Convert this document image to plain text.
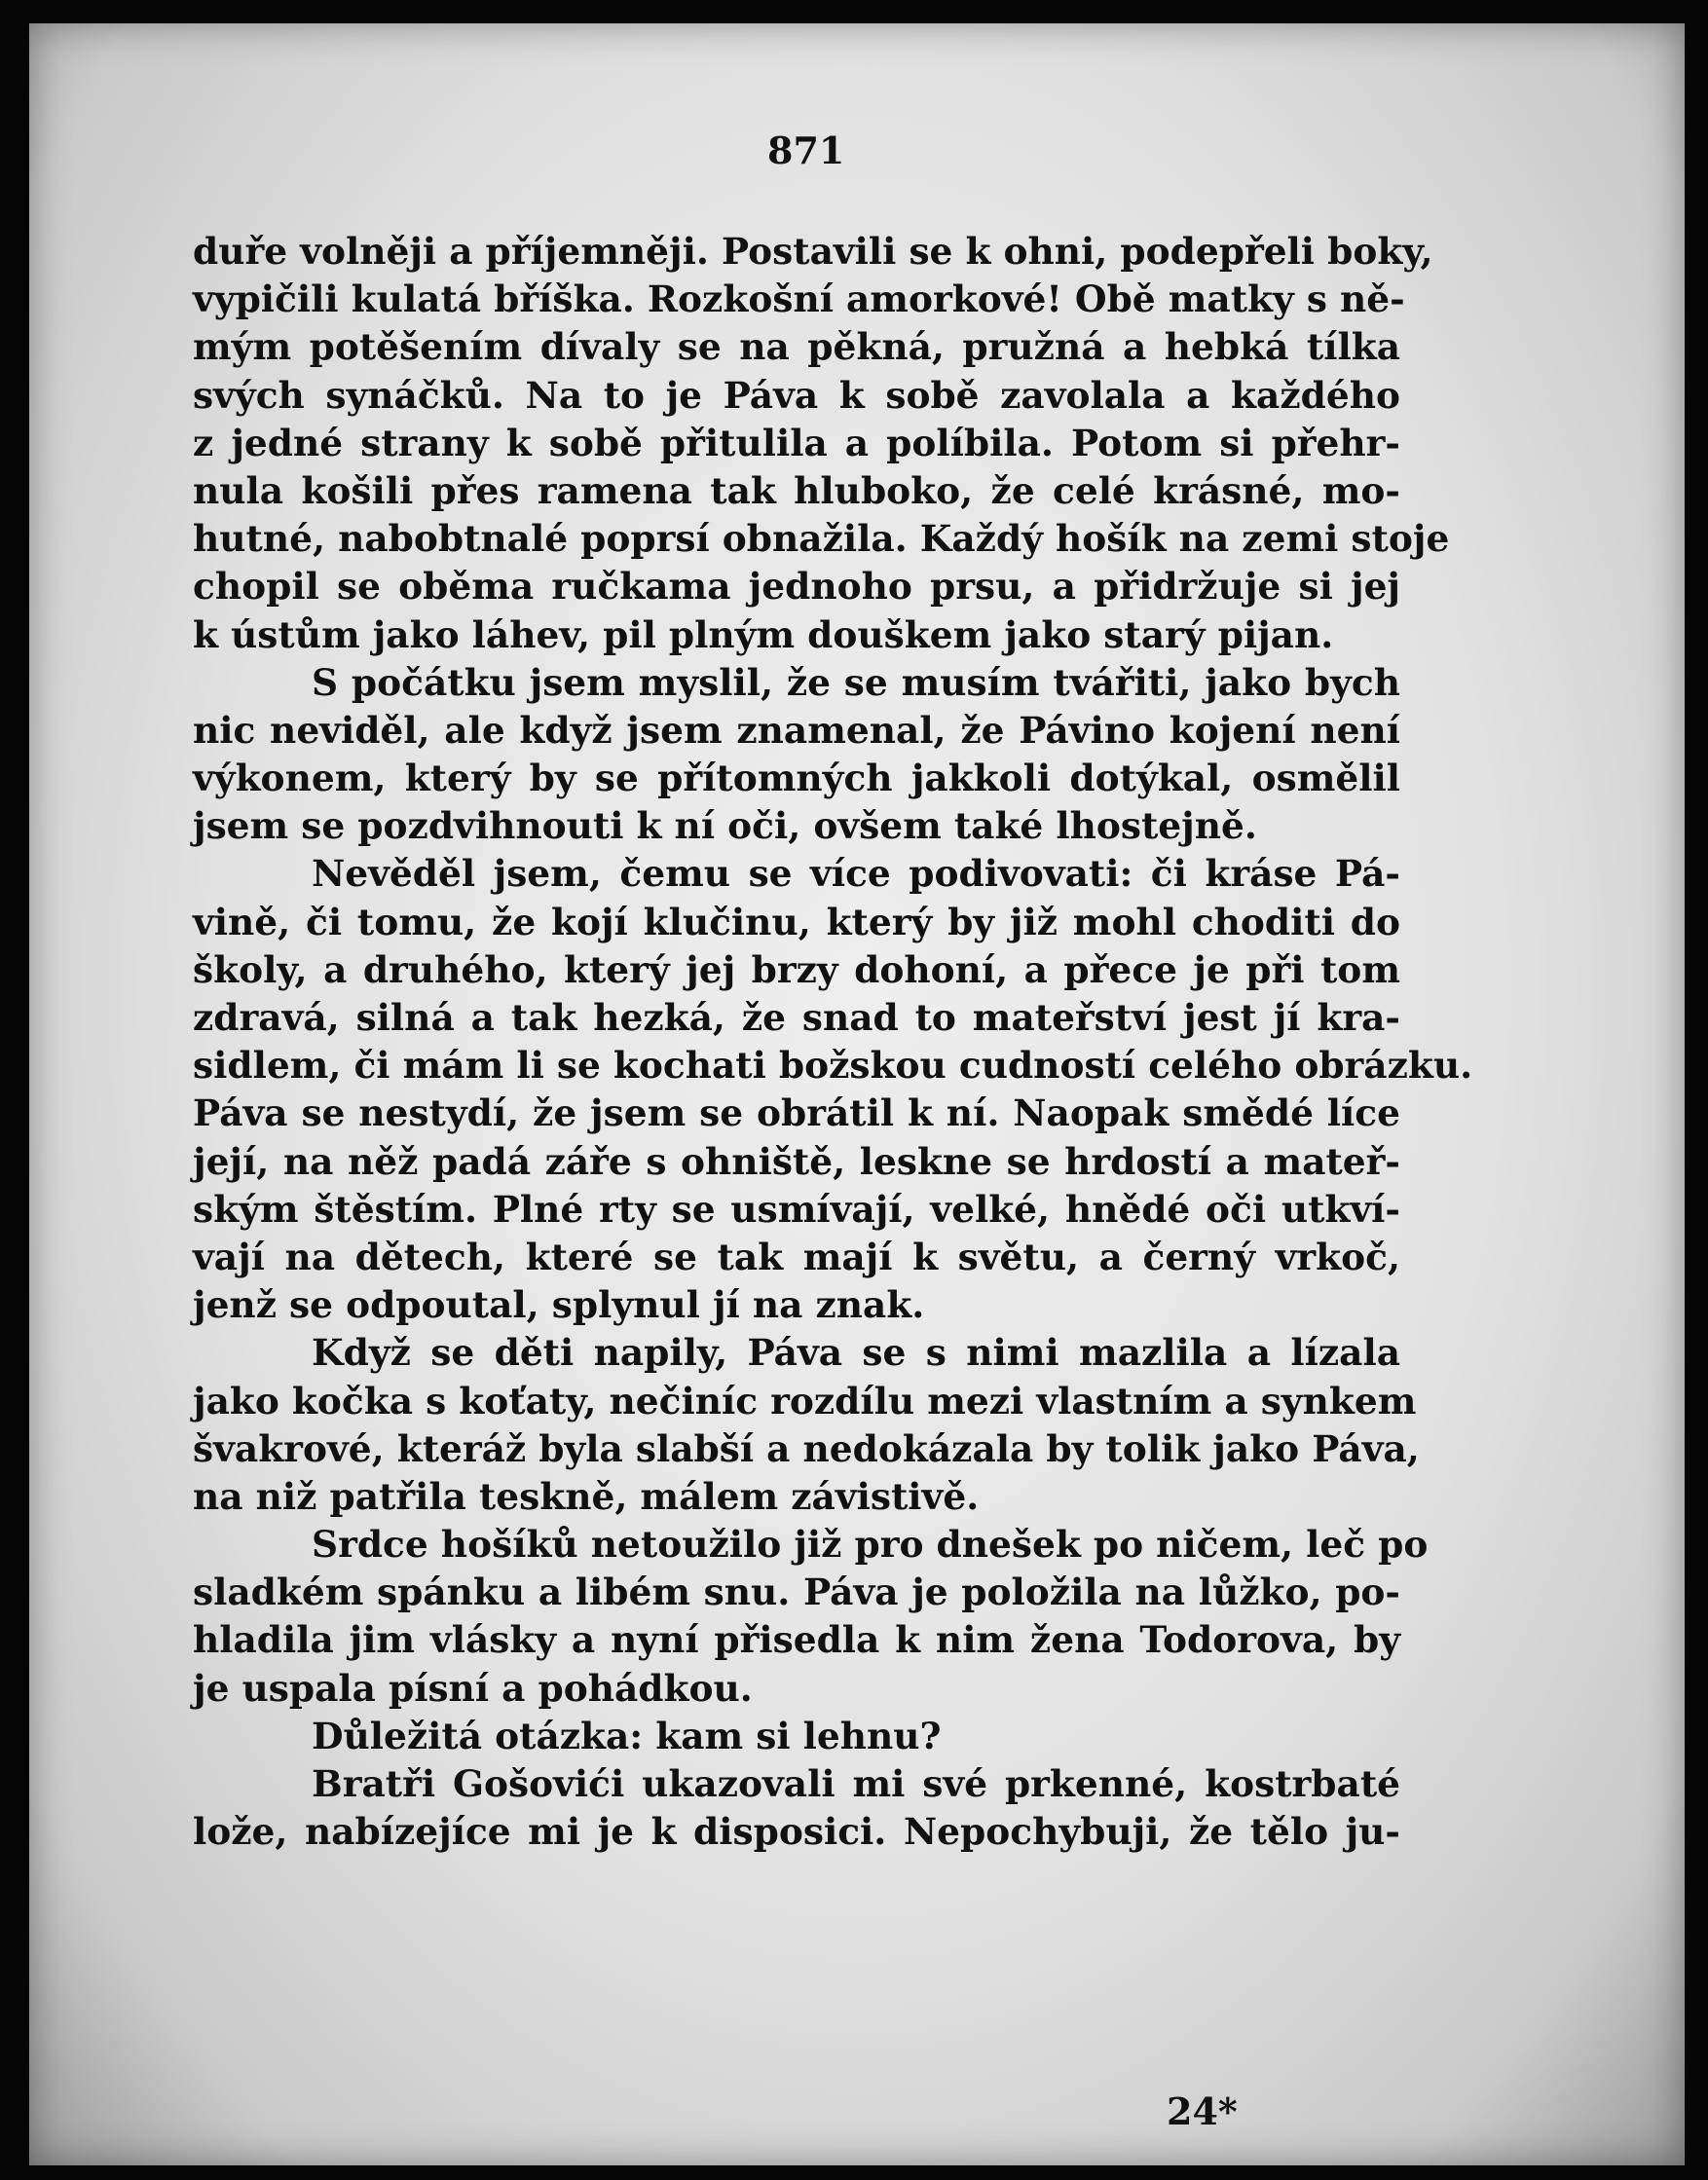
871
duře volněji a příjemněji. Postavili se k ohni, podepřeli boky,
vypičili kulatá bříška. Rozkošní amorkové! Obě matky s ně-
mým potěšením dívaly se na pěkná, pružná a hebká tílka
svých synáčků. Na to je Páva k sobě zavolala a každého
z jedné strany k sobě přitulila a políbila. Potom si přehr-
nula košili přes ramena tak hluboko, že celé krásné, mo-
hutné, nabobtnalé poprsí obnažila. Každý hošík na zemi stoje
chopil se oběma ručkama jednoho prsu, a přidržuje si jej
k ústům jako láhev, pil plným douškem jako starý pijan.
S počátku jsem myslil, že se musím tvářiti, jako bych
nic neviděl, ale když jsem znamenal, že Pávino kojení není
výkonem, který by se přítomných jakkoli dotýkal, osmělil
jsem se pozdvihnouti k ní oči, ovšem také lhostejně.
Nevěděl jsem, čemu se více podivovati: či kráse Pá-
vině, či tomu, že kojí klučinu, který by již mohl choditi do
školy, a druhého, který jej brzy dohoní, a přece je při tom
zdravá, silná a tak hezká, že snad to mateřství jest jí kra-
sidlem, či mám li se kochati božskou cudností celého obrázku.
Páva se nestydí, že jsem se obrátil k ní. Naopak smědé líce
její, na něž padá záře s ohniště, leskne se hrdostí a mateř-
ským štěstím. Plné rty se usmívají, velké, hnědé oči utkví-
vají na dětech, které se tak mají k světu, a černý vrkoč,
jenž se odpoutal, splynul jí na znak.
Když se děti napily, Páva se s nimi mazlila a lízala
jako kočka s koťaty, nečiníc rozdílu mezi vlastním a synkem
švakrové, kteráž byla slabší a nedokázala by tolik jako Páva,
na niž patřila teskně, málem závistivě.
Srdce hošíků netoužilo již pro dnešek po ničem, leč po
sladkém spánku a libém snu. Páva je položila na lůžko, po-
hladila jim vlásky a nyní přisedla k nim žena Todorova, by
je uspala písní a pohádkou.
Důležitá otázka: kam si lehnu?
Bratři Gošovići ukazovali mi své prkenné, kostrbaté
lože, nabízejíce mi je k disposici. Nepochybuji, že tělo ju-
24*
